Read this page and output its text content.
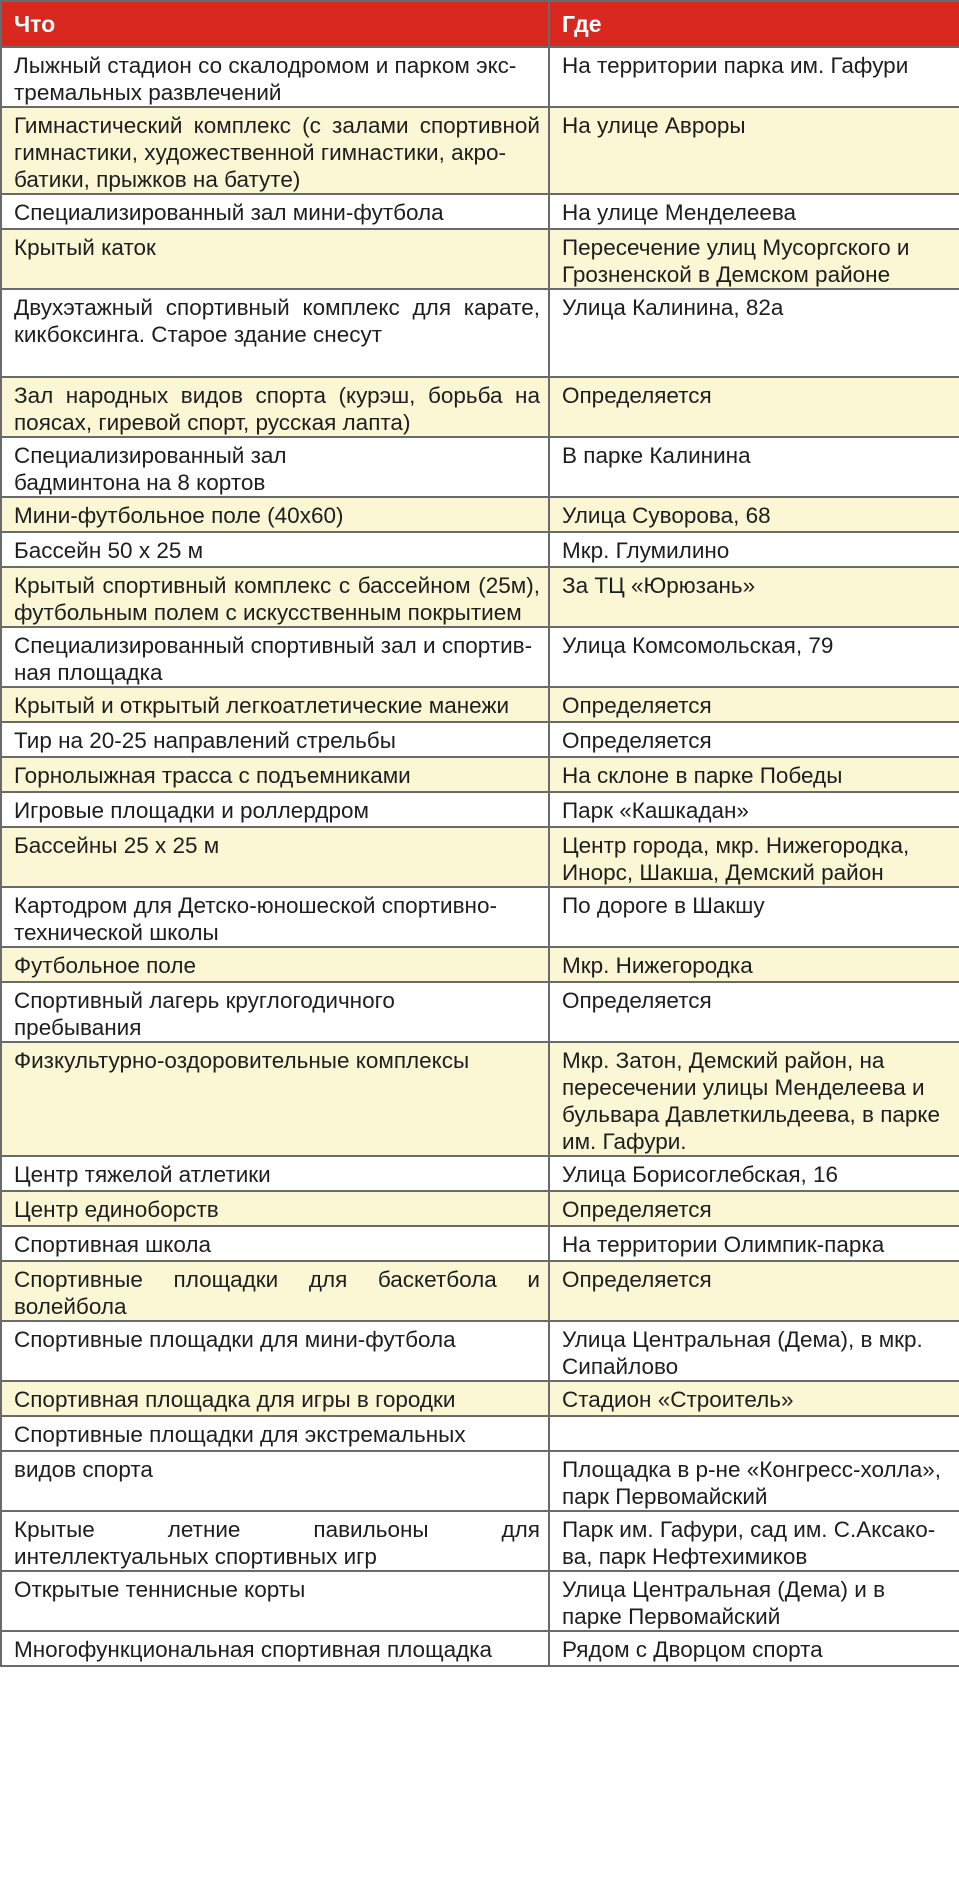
Что	Где
Лыжный стадион со скалодромом и парком экс-
тремальных развлечений	На территории парка им. Гафури
Гимнастический комплекс (с залами спортивной гимнастики, художественной гимнастики, акро-
батики, прыжков на батуте)	На улице Авроры
Специализированный зал мини-футбола	На улице Менделеева
Крытый каток	Пересечение улиц Мусоргского и Грозненской в Демском районе
Двухэтажный спортивный комплекс для карате, кикбоксинга. Старое здание снесут	Улица Калинина, 82а
Зал народных видов спорта (курэш, борьба на поясах, гиревой спорт, русская лапта)	Определяется
Специализированный зал
бадминтона на 8 кортов	В парке Калинина
Мини-футбольное поле (40х60)	Улица Суворова, 68
Бассейн 50 х 25 м	Мкр. Глумилино
Крытый спортивный комплекс с бассейном (25м), футбольным полем с искусственным покрытием	За ТЦ «Юрюзань»
Специализированный спортивный зал и спортив-
ная площадка	Улица Комсомольская, 79
Крытый и открытый легкоатлетические манежи	Определяется
Тир на 20-25 направлений стрельбы	Определяется
Горнолыжная трасса с подъемниками	На склоне в парке Победы
Игровые площадки и роллердром	Парк «Кашкадан»
Бассейны 25 х 25 м	Центр города, мкр. Нижегородка, Инорс, Шакша, Демский район
Картодром для Детско-юношеской спортивно-
технической школы	По дороге в Шакшу
Футбольное поле	Мкр. Нижегородка
Спортивный лагерь круглогодичного
пребывания	Определяется
Физкультурно-оздоровительные комплексы	Мкр. Затон, Демский район, на пересечении улицы Менделеева и бульвара Давлеткильдеева, в парке им. Гафури.
Центр тяжелой атлетики	Улица Борисоглебская, 16
Центр единоборств	Определяется
Спортивная школа	На территории Олимпик-парка
Спортивные площадки для баскетбола и волейбола	Определяется
Спортивные площадки для мини-футбола	Улица Центральная (Дема), в мкр. Сипайлово
Спортивная площадка для игры в городки	Стадион «Строитель»
Спортивные площадки для экстремальных	
видов спорта	Площадка в р-не «Конгресс-холла», парк Первомайский
Крытые летние павильоны для интеллектуальных спортивных игр	Парк им. Гафури, сад им. С.Аксако-
ва, парк Нефтехимиков
Открытые теннисные корты	Улица Центральная (Дема) и в парке Первомайский
Многофункциональная спортивная площадка	Рядом с Дворцом спорта
